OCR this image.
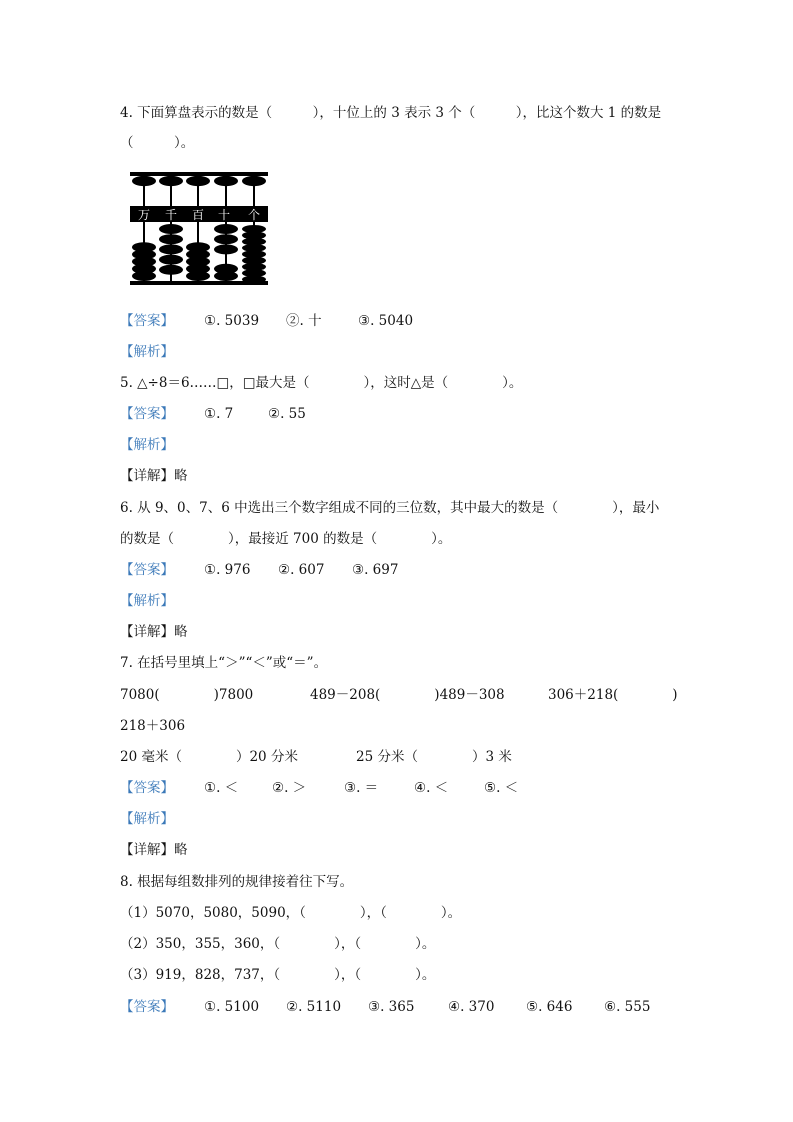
4. 下面算盘表示的数是（　　　），十位上的 3 表示 3 个（　　　），比这个数大 1 的数是
（　　　）。
万 千 百 十 个
【答案】 ①. 5039 ②. 十	③. 5040
【解析】
5. △÷8＝6……□，□最大是（　　　　），这时△是（　　　　）。
【答案】 ①. 7	②. 55
【解析】
【详解】略
6. 从 9、0、7、6 中选出三个数字组成不同的三位数，其中最大的数是（　　　　），最小
的数是（　　　　），最接近 700 的数是（　　　　）。
【答案】 ①. 976 ②. 607 ③. 697
【解析】
【详解】略
7. 在括号里填上“＞”“＜”或“＝”。
7080(　　　　)7800	489－208(　　　　)489－308	306＋218(　　　　)
218＋306
20 毫米（　　　　）20 分米	25 分米（　　　　）3 米
【答案】 ①. ＜	②. ＞	③. ＝	④. ＜	⑤. ＜
【解析】
【详解】略
8. 根据每组数排列的规律接着往下写。
（1）5070，5080，5090，（　　　　），（　　　　）。
（2）350，355，360，（　　　　），（　　　　）。
（3）919，828，737，（　　　　），（　　　　）。
【答案】 ①. 5100 ②. 5110 ③. 365 ④. 370 ⑤. 646 ⑥. 555
